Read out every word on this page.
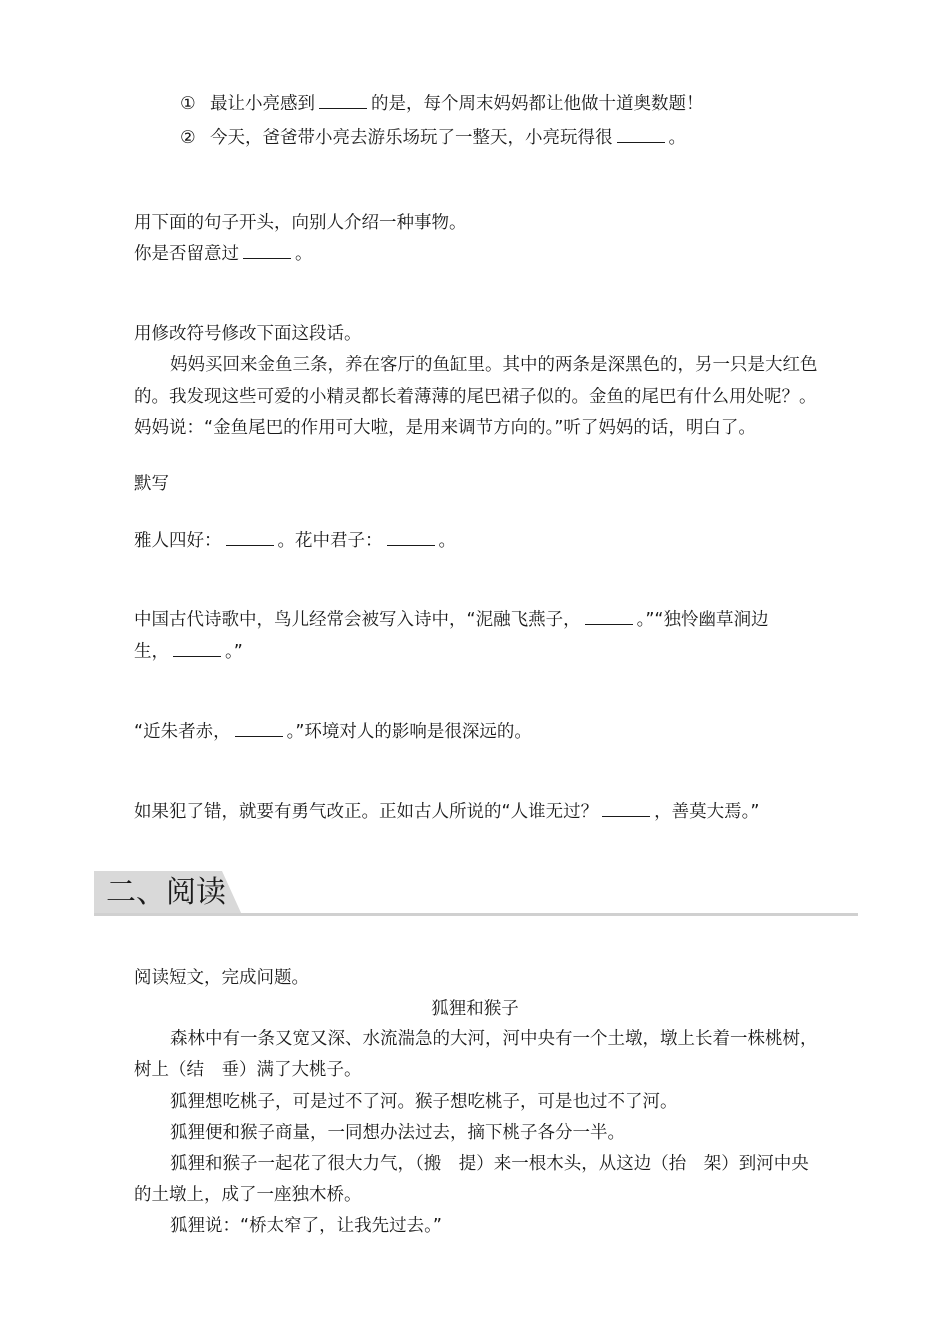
① 最让小亮感到	的是，每个周末妈妈都让他做十道奥数题！
② 今天，爸爸带小亮去游乐场玩了一整天，小亮玩得很	。
用下面的句子开头，向别人介绍一种事物。
你是否留意过	。
用修改符号修改下面这段话。
妈妈买回来金鱼三条，养在客厅的鱼缸里。其中的两条是深黑色的，另一只是大红色
的。我发现这些可爱的小精灵都长着薄薄的尾巴裙子似的。金鱼的尾巴有什么用处呢？。
妈妈说：“金鱼尾巴的作用可大啦，是用来调节方向的。”听了妈妈的话，明白了。
默写
雅人四好：	。花中君子：	。
中国古代诗歌中，鸟儿经常会被写入诗中，“泥融飞燕子，	。”“独怜幽草涧边
生，	。”
“近朱者赤，	。”环境对人的影响是很深远的。
如果犯了错，就要有勇气改正。正如古人所说的“人谁无过？	，善莫大焉。”
二、阅读
阅读短文，完成问题。
狐狸和猴子
森林中有一条又宽又深、水流湍急的大河，河中央有一个土墩，墩上长着一株桃树，
树上（结　垂）满了大桃子。
狐狸想吃桃子，可是过不了河。猴子想吃桃子，可是也过不了河。
狐狸便和猴子商量，一同想办法过去，摘下桃子各分一半。
狐狸和猴子一起花了很大力气，（搬　提）来一根木头，从这边（抬　架）到河中央
的土墩上，成了一座独木桥。
狐狸说：“桥太窄了，让我先过去。”
